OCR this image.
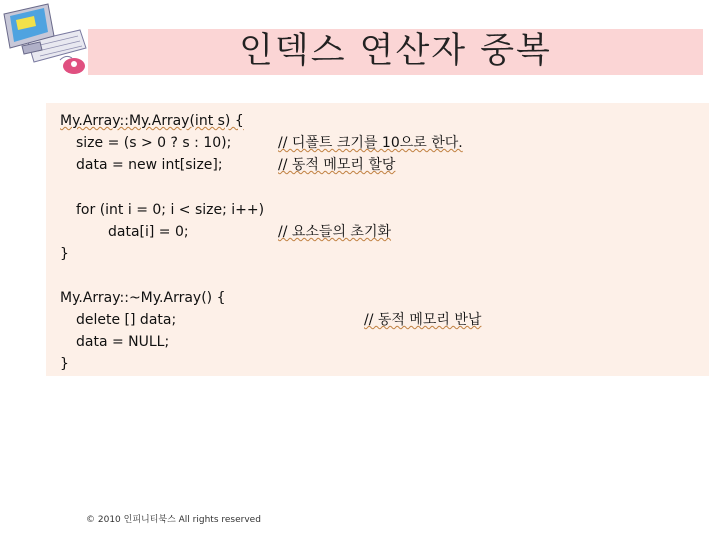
인덱스 연산자 중복
My.Array::My.Array(int s) {
size = (s > 0 ? s : 10);
data = new int[size];
for (int i = 0; i < size; i++)
data[i] = 0;
}
My.Array::~My.Array() {
delete [] data;
data = NULL;
}
// 디폴트 크기를 10으로 한다.
// 동적 메모리 할당
// 요소들의 초기화
// 동적 메모리 반납
© 2010 인피니티북스 All rights reserved
